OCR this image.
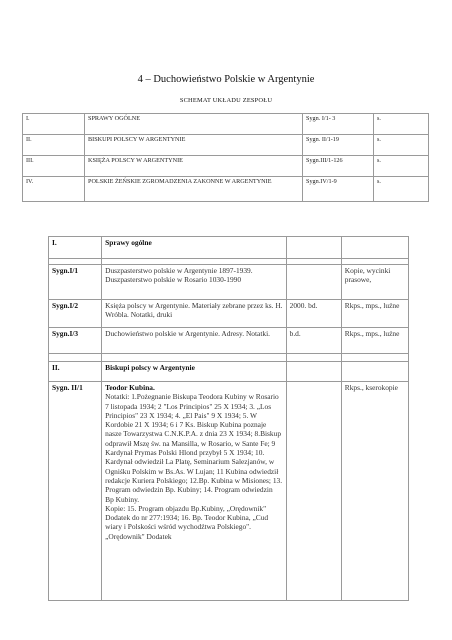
4 – Duchowieństwo Polskie w Argentynie
SCHEMAT UKŁADU ZESPOŁU
I.	SPRAWY OGÓLNE	Sygn. I/1- 3	s.
II.	BISKUPI POLSCY W ARGENTYNIE	Sygn. II/1-19	s.
III.	KSIĘŻA POLSCY W ARGENTYNIE	Sygn.III/1-126	s.
IV.	POLSKIE ŻEŃSKIE ZGROMADZENIA ZAKONNE W ARGENTYNIE	Sygn.IV/1-9	s.
I.	Sprawy ogólne		

Sygn.I/1	Duszpasterstwo polskie w Argentynie 1897-1939. Duszpasterstwo polskie w Rosario 1030-1990		Kopie, wycinki prasowe,
Sygn.I/2	Księża polscy w Argentynie. Materiały zebrane przez ks. H. Wróbla. Notatki, druki	2000. bd.	Rkps., mps., luźne
Sygn.I/3	Duchowieństwo polskie w Argentynie. Adresy. Notatki.	b.d.	Rkps., mps., luźne

II.	Biskupi polscy w Argentynie		
Sygn. II/1	Teodor Kubina.

Notatki: 1.Pożegnanie Biskupa Teodora Kubiny w Rosario 7 listopada 1934; 2 "Los Principios" 25 X 1934; 3. „Los Principios" 23 X 1934; 4. „El Pais" 9 X 1934; 5. W Kordobie 21 X 1934; 6 i 7 Ks. Biskup Kubina poznaje nasze Towarzystwa C.N.K.P.A. z dnia 23 X 1934; 8.Biskup odprawił Mszę św. na Mansilla, w Rosario, w Sante Fe; 9 Kardynał Prymas Polski Hlond przybył 5 X 1934; 10. Kardynał odwiedził La Platę, Seminarium Salezjanów, w Ogniśku Polskim w Bs.As. W Lujan; 11 Kubina odwiedził redakcje Kuriera Polskiego; 12.Bp. Kubina w Misiones; 13. Program odwiedzin Bp. Kubiny; 14. Program odwiedzin Bp Kubiny.

Kopie: 15. Program objazdu Bp.Kubiny, „Orędownik" Dodatek do nr 277:1934; 16. Bp. Teodor Kubina, „Cud wiary i Polskości wśród wychodźtwa Polskiego". „Orędownik" Dodatek		Rkps., kserokopie
